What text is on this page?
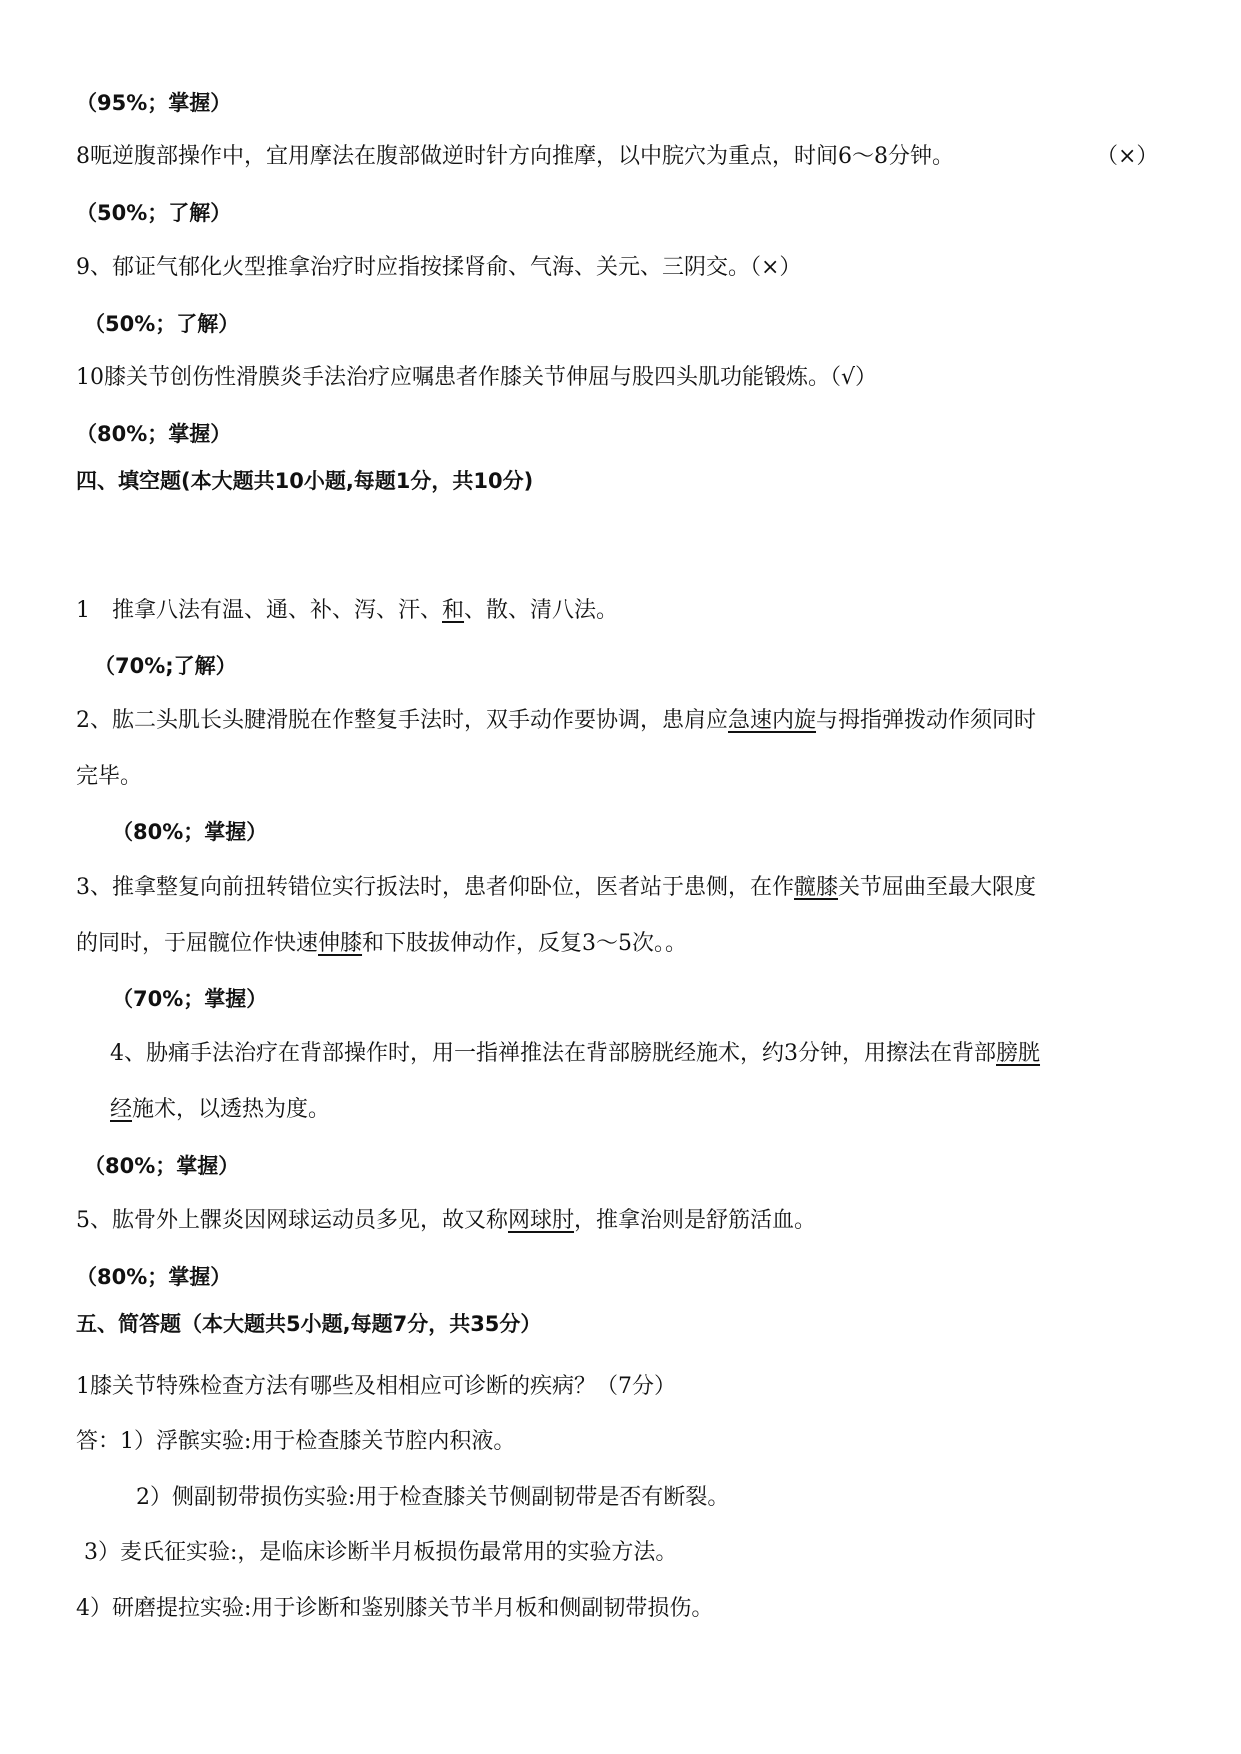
（95%；掌握）
8呃逆腹部操作中，宜用摩法在腹部做逆时针方向推摩，以中脘穴为重点，时间6～8分钟。	（×）
（50%；了解）
9、郁证气郁化火型推拿治疗时应指按揉肾俞、气海、关元、三阴交。（×）
（50%；了解）
10膝关节创伤性滑膜炎手法治疗应嘱患者作膝关节伸屈与股四头肌功能锻炼。（√）
（80%；掌握）
四、填空题(本大题共10小题,每题1分，共10分)
1　推拿八法有温、通、补、泻、汗、和、散、清八法。
（70%;了解）
2、肱二头肌长头腱滑脱在作整复手法时，双手动作要协调，患肩应急速内旋与拇指弹拨动作须同时
完毕。
（80%；掌握）
3、推拿整复向前扭转错位实行扳法时，患者仰卧位，医者站于患侧，在作髋膝关节屈曲至最大限度
的同时，于屈髋位作快速伸膝和下肢拔伸动作，反复3～5次。。
（70%；掌握）
4、胁痛手法治疗在背部操作时，用一指禅推法在背部膀胱经施术，约3分钟，用擦法在背部膀胱
经施术，以透热为度。
（80%；掌握）
5、肱骨外上髁炎因网球运动员多见，故又称网球肘，推拿治则是舒筋活血。
（80%；掌握）
五、简答题（本大题共5小题,每题7分，共35分）
1膝关节特殊检查方法有哪些及相相应可诊断的疾病？（7分）
答：1）浮髌实验:用于检查膝关节腔内积液。
2）侧副韧带损伤实验:用于检查膝关节侧副韧带是否有断裂。
3）麦氏征实验:，是临床诊断半月板损伤最常用的实验方法。
4）研磨提拉实验:用于诊断和鉴别膝关节半月板和侧副韧带损伤。
